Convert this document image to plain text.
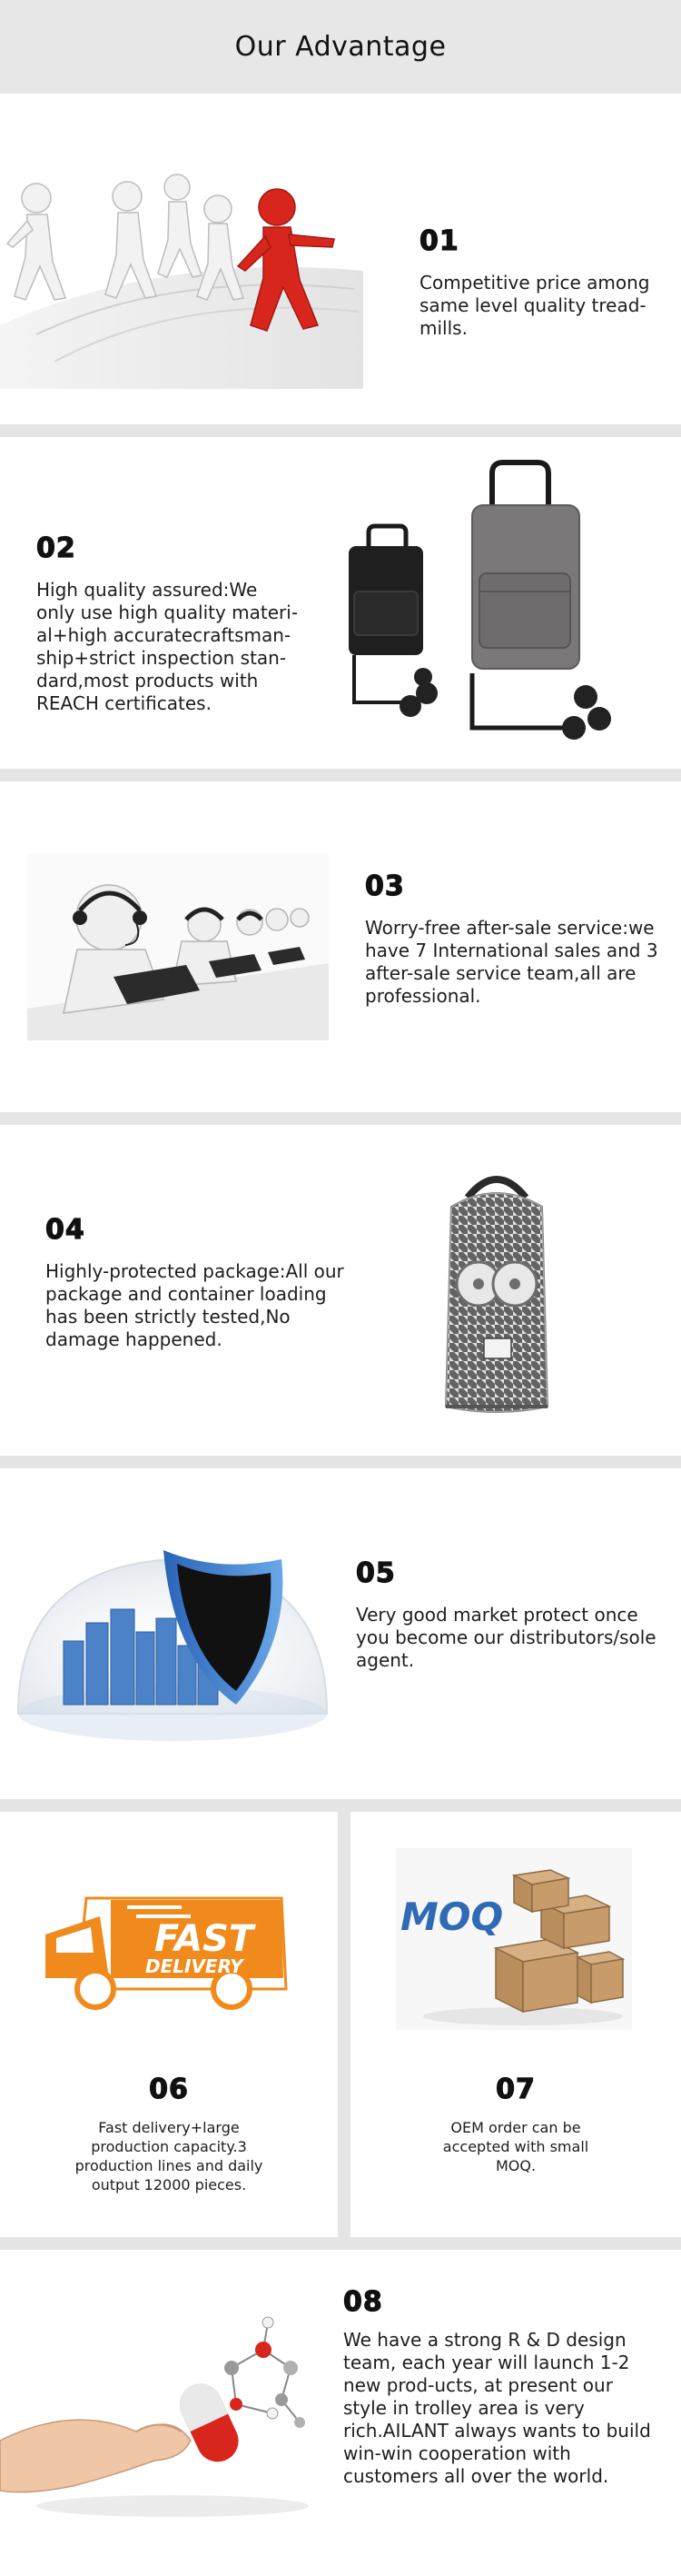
Our Advantage
01
Competitive price among same level quality tread-mills.
02
High quality assured:We only use high quality materi-al+high accuratecraftsman-ship+strict inspection stan-dard,most products with REACH certificates.
03
Worry-free after-sale service:we have 7 International sales and 3 after-sale service team,all are professional.
04
Highly-protected package:All our package and container loading has been strictly tested,No damage happened.
05
Very good market protect once you become our distributors/sole agent.
FAST
DELIVERY
06
Fast delivery+large production capacity.3 production lines and daily output 12000 pieces.
MOQ
07
OEM order can be accepted with small MOQ.
08
We have a strong R & D design team, each year will launch 1-2 new prod-ucts, at present our style in trolley area is very rich.AILANT always wants to build win-win cooperation with customers all over the world.
